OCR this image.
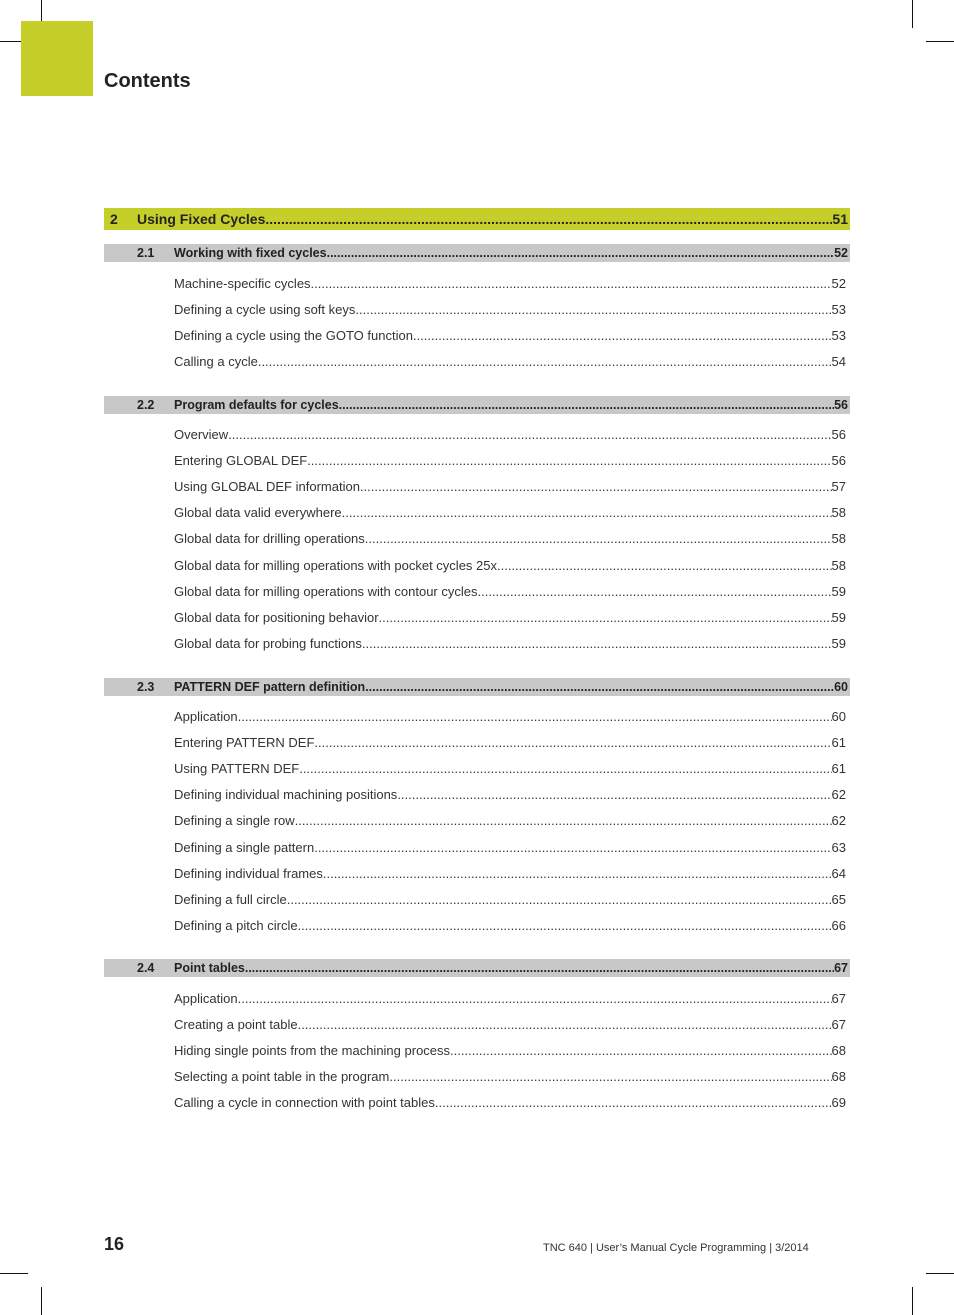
Contents
2	Using Fixed Cycles .....	51
2.1	Working with fixed cycles .....	52
Machine-specific cycles .....	52
Defining a cycle using soft keys .....	53
Defining a cycle using the GOTO function .....	53
Calling a cycle .....	54
2.2	Program defaults for cycles .....	56
Overview .....	56
Entering GLOBAL DEF .....	56
Using GLOBAL DEF information .....	57
Global data valid everywhere .....	58
Global data for drilling operations .....	58
Global data for milling operations with pocket cycles 25x .....	58
Global data for milling operations with contour cycles .....	59
Global data for positioning behavior .....	59
Global data for probing functions .....	59
2.3	PATTERN DEF pattern definition .....	60
Application .....	60
Entering PATTERN DEF .....	61
Using PATTERN DEF .....	61
Defining individual machining positions .....	62
Defining a single row .....	62
Defining a single pattern .....	63
Defining individual frames .....	64
Defining a full circle .....	65
Defining a pitch circle .....	66
2.4	Point tables .....	67
Application .....	67
Creating a point table .....	67
Hiding single points from the machining process .....	68
Selecting a point table in the program .....	68
Calling a cycle in connection with point tables .....	69
16	TNC 640 | User’s Manual Cycle Programming | 3/2014
